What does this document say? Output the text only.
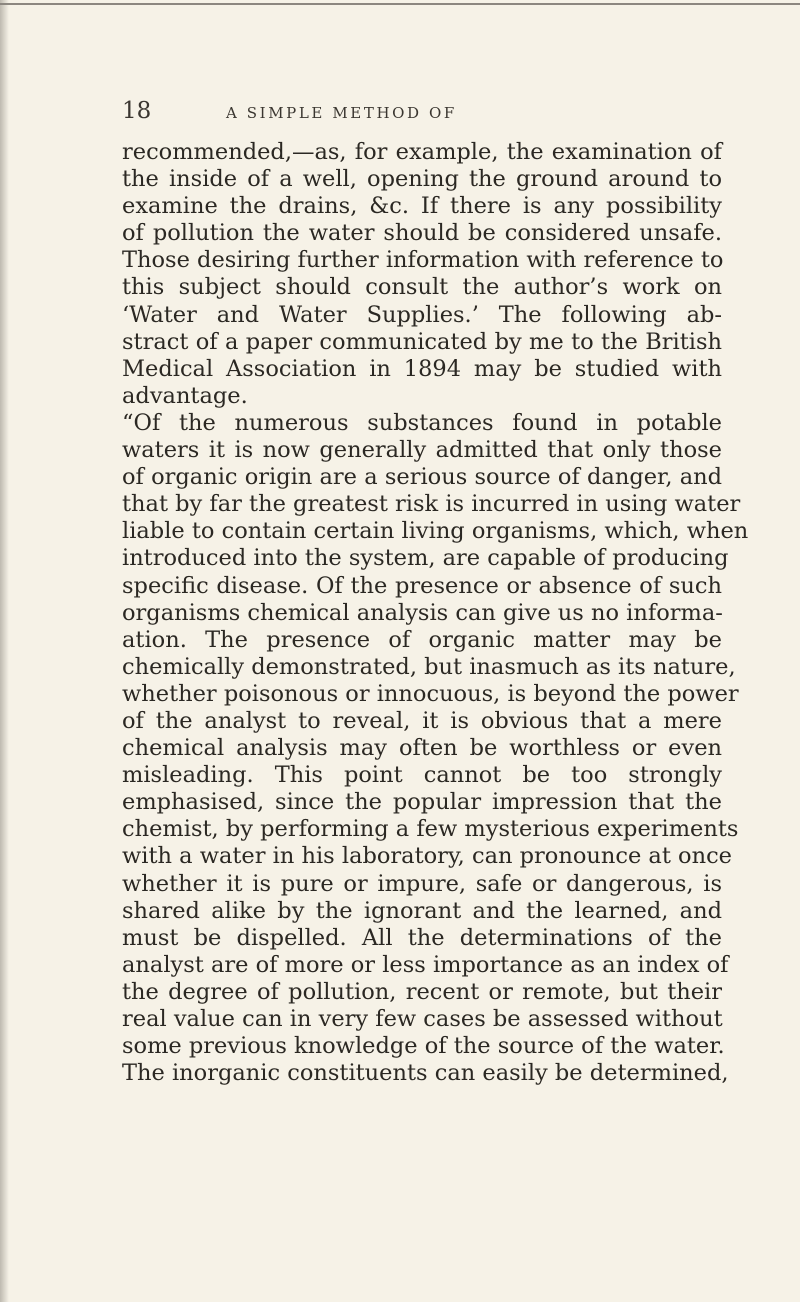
18	A SIMPLE METHOD OF
recommended,—as, for example, the examination of
the inside of a well, opening the ground around to
examine the drains, &c. If there is any possibility
of pollution the water should be considered unsafe.
Those desiring further information with reference to
this subject should consult the author’s work on
‘Water and Water Supplies.’ The following ab-
stract of a paper communicated by me to the British
Medical Association in 1894 may be studied with
advantage.
“Of the numerous substances found in potable
waters it is now generally admitted that only those
of organic origin are a serious source of danger, and
that by far the greatest risk is incurred in using water
liable to contain certain living organisms, which, when
introduced into the system, are capable of producing
specific disease. Of the presence or absence of such
organisms chemical analysis can give us no informa-
ation. The presence of organic matter may be
chemically demonstrated, but inasmuch as its nature,
whether poisonous or innocuous, is beyond the power
of the analyst to reveal, it is obvious that a mere
chemical analysis may often be worthless or even
misleading. This point cannot be too strongly
emphasised, since the popular impression that the
chemist, by performing a few mysterious experiments
with a water in his laboratory, can pronounce at once
whether it is pure or impure, safe or dangerous, is
shared alike by the ignorant and the learned, and
must be dispelled. All the determinations of the
analyst are of more or less importance as an index of
the degree of pollution, recent or remote, but their
real value can in very few cases be assessed without
some previous knowledge of the source of the water.
The inorganic constituents can easily be determined,
